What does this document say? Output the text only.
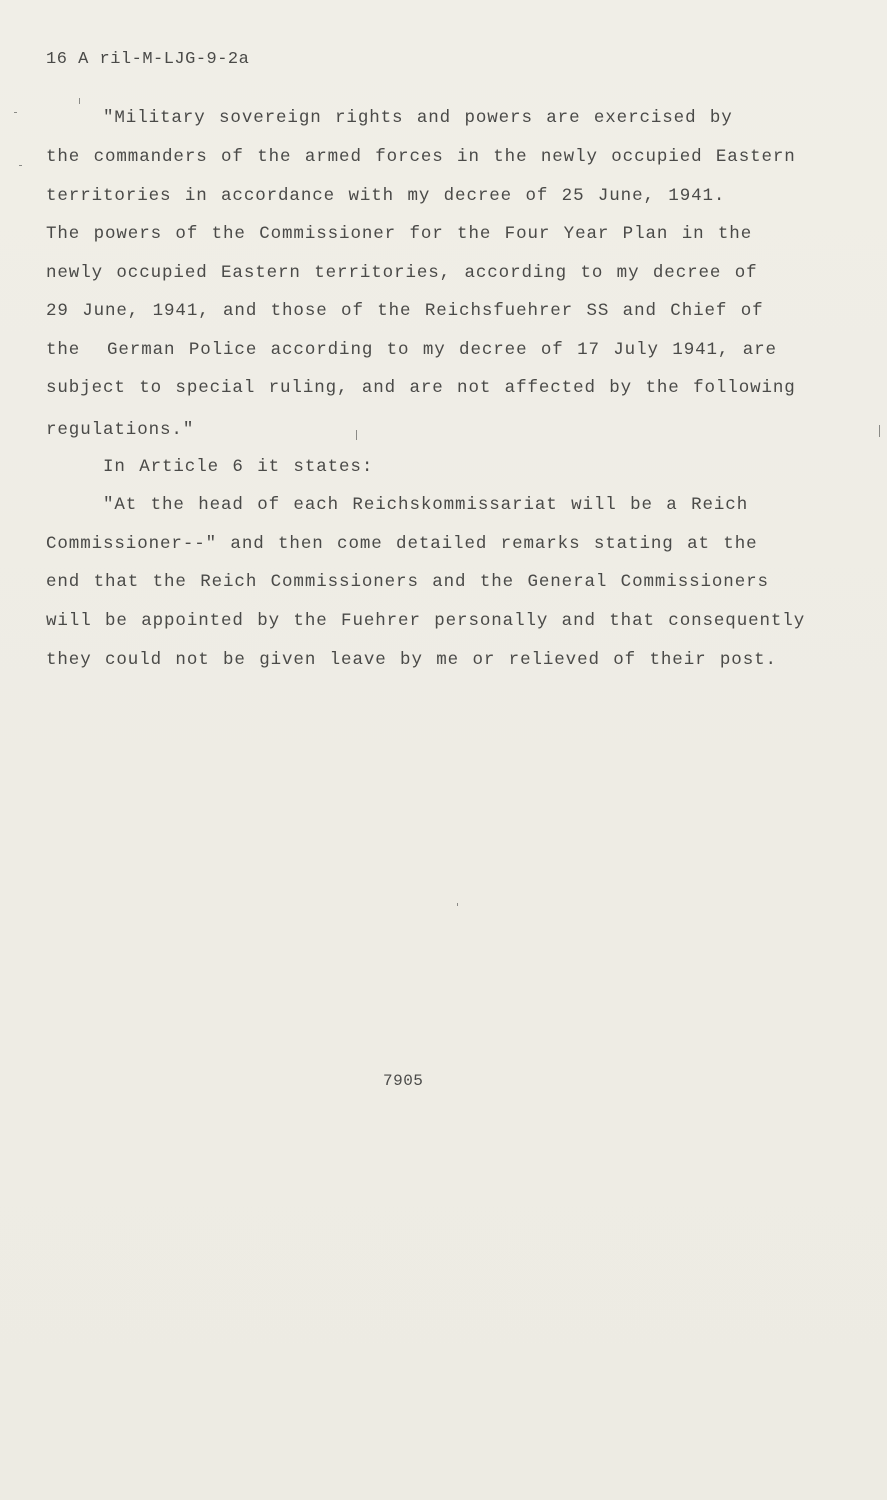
16 A ril-M-LJG-9-2a
"Military sovereign rights and powers are exercised by
the commanders of the armed forces in the newly occupied Eastern
territories in accordance with my decree of 25 June, 1941.
The powers of the Commissioner for the Four Year Plan in the
newly occupied Eastern territories, according to my decree of
29 June, 1941, and those of the Reichsfuehrer SS and Chief of
the  German Police according to my decree of 17 July 1941, are
subject to special ruling, and are not affected by the following
regulations."
In Article 6 it states:
"At the head of each Reichskommissariat will be a Reich
Commissioner--" and then come detailed remarks stating at the
end that the Reich Commissioners and the General Commissioners
will be appointed by the Fuehrer personally and that consequently
they could not be given leave by me or relieved of their post.
7905
